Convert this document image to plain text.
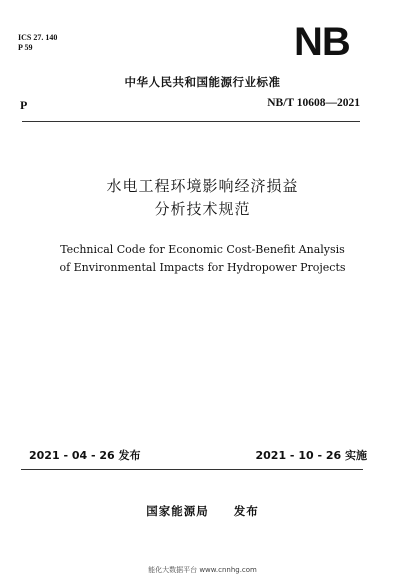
ICS 27. 140
P 59	NB
中华人民共和国能源行业标准
P	NB/T 10608—2021
水电工程环境影响经济损益
分析技术规范
Technical Code for Economic Cost-Benefit Analysis
of Environmental Impacts for Hydropower Projects
2021 - 04 - 26 发布	2021 - 10 - 26 实施
国家能源局　　发布
能化大数据平台 www.cnnhg.com
